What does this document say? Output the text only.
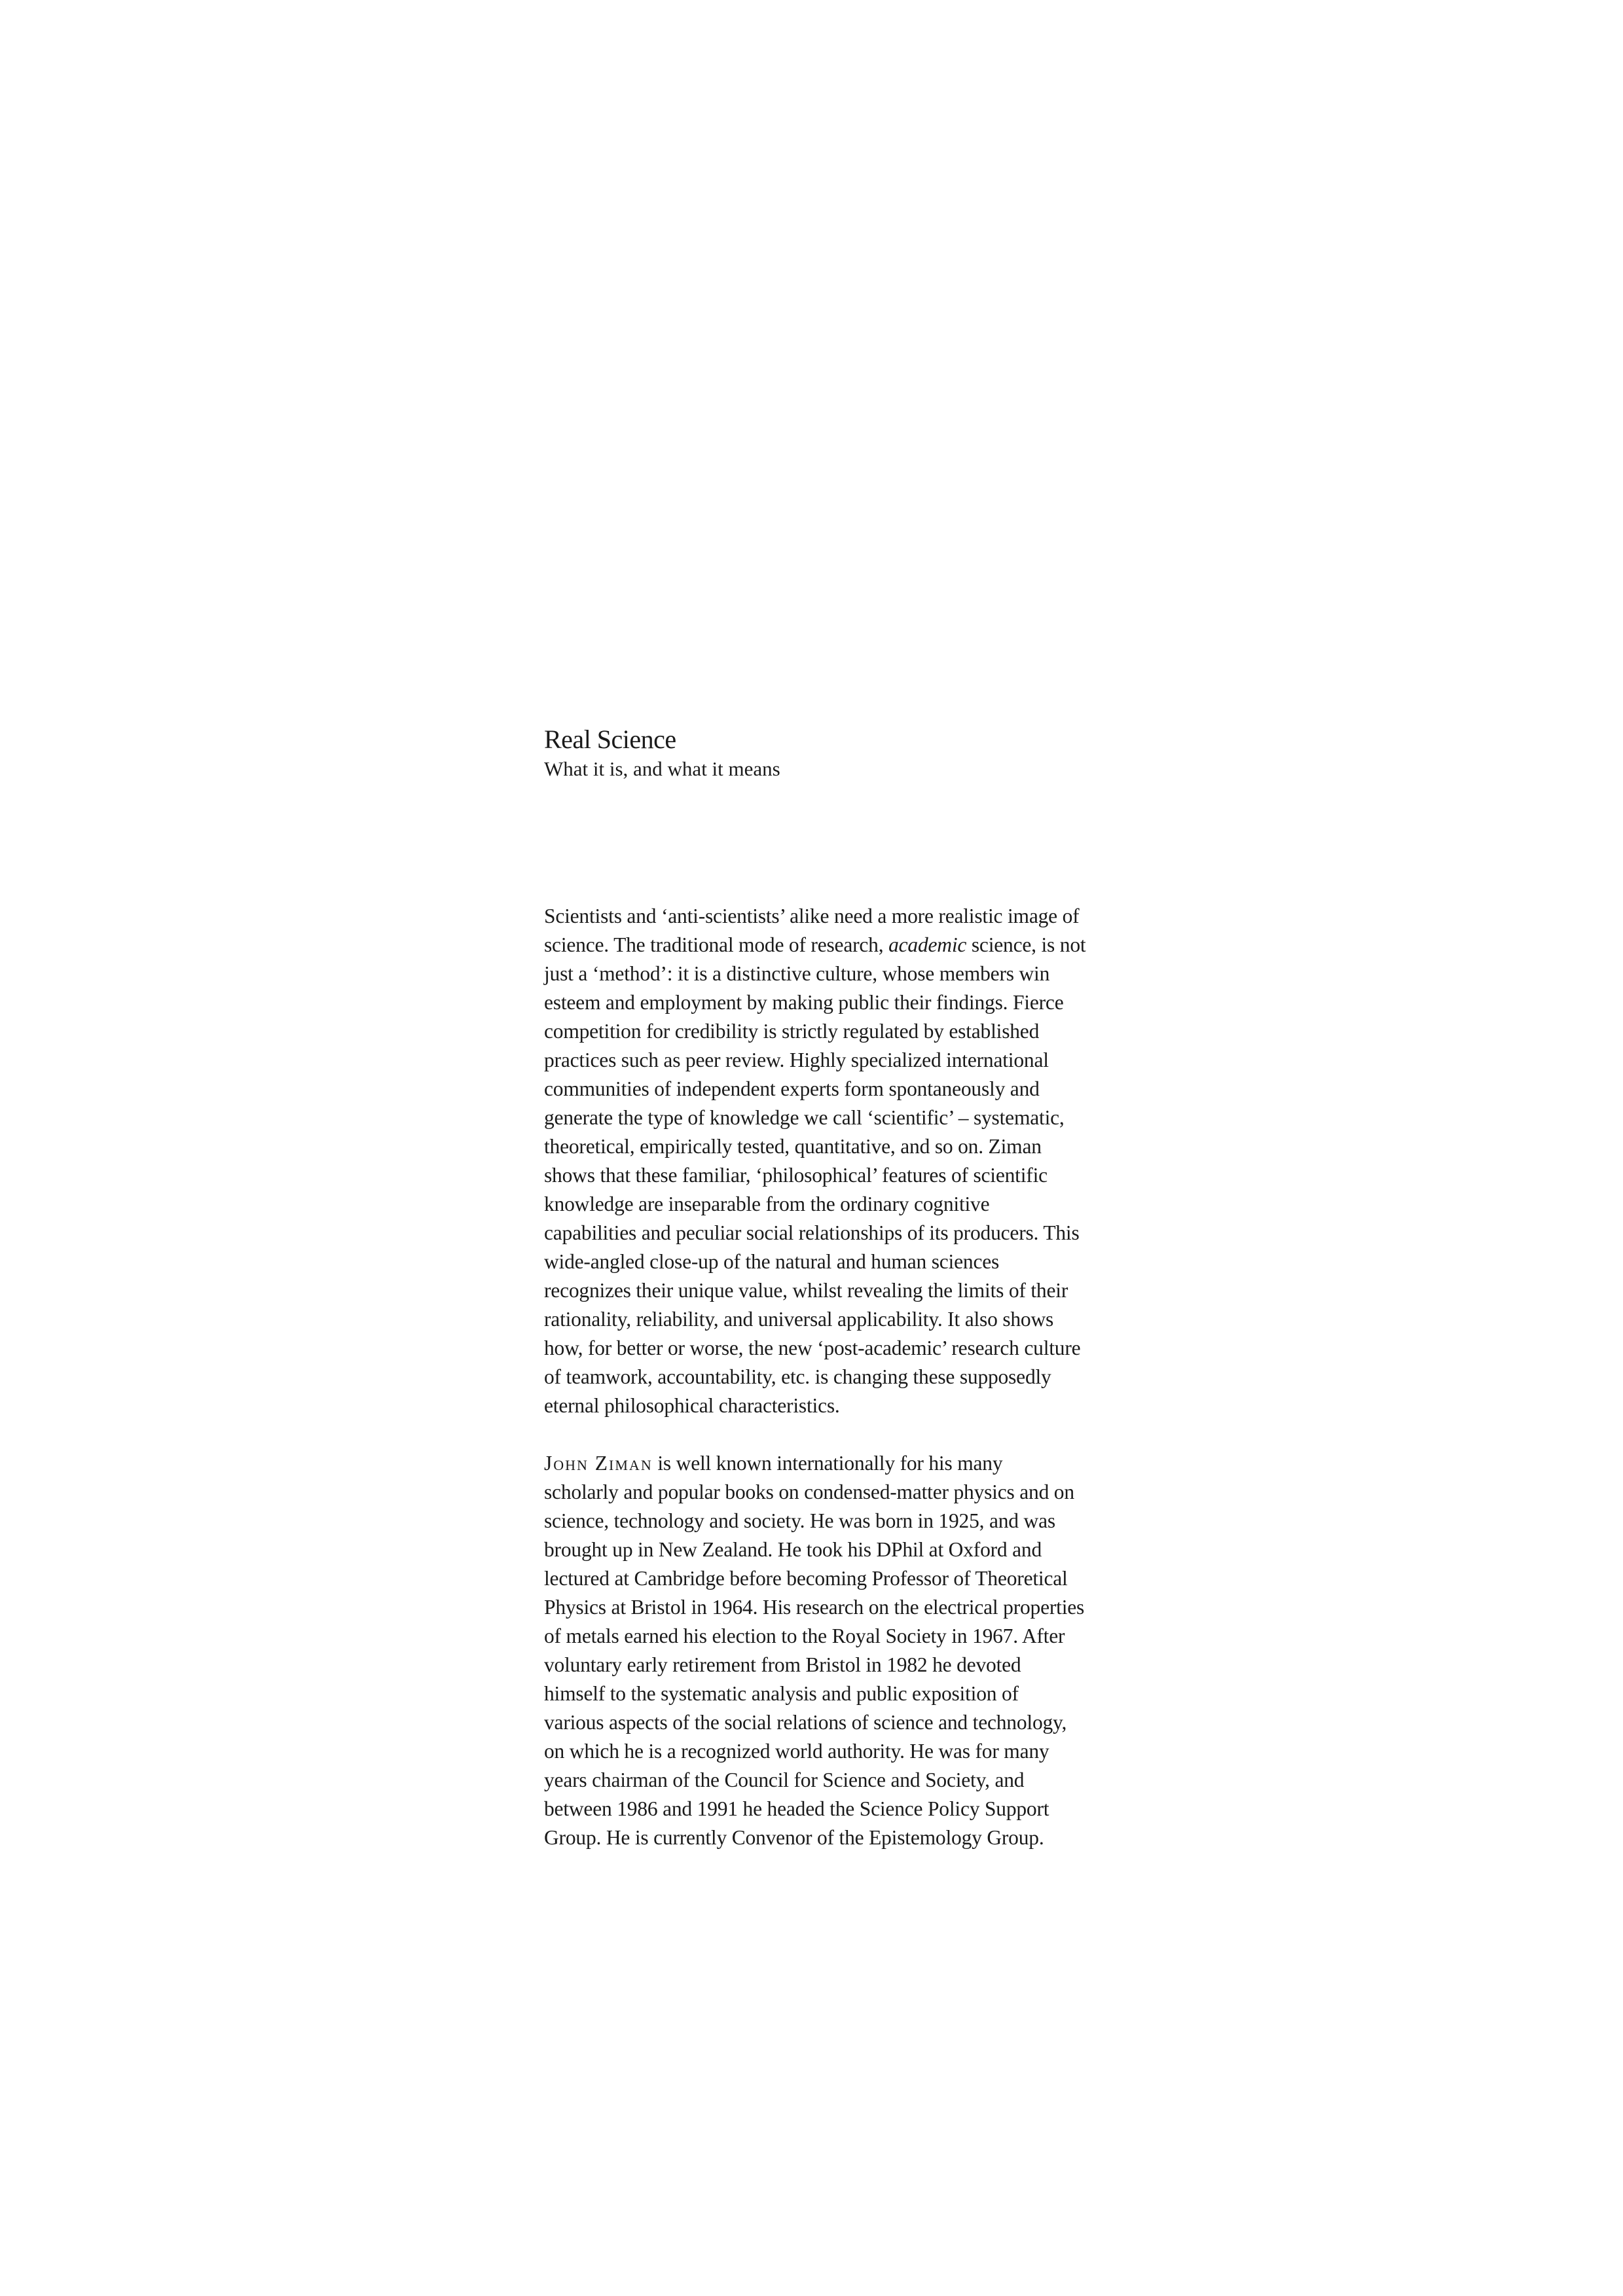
Real Science

What it is, and what it means

Scientists and ‘anti-scientists’ alike need a more realistic image of
science. The traditional mode of research, academic science, is not
just a ‘method’: it is a distinctive culture, whose members win
esteem and employment by making public their findings. Fierce
competition for credibility is strictly regulated by established
practices such as peer review. Highly specialized international
communities of independent experts form spontaneously and
generate the type of knowledge we call ‘scientific’ – systematic,
theoretical, empirically tested, quantitative, and so on. Ziman
shows that these familiar, ‘philosophical’ features of scientific
knowledge are inseparable from the ordinary cognitive
capabilities and peculiar social relationships of its producers. This
wide-angled close-up of the natural and human sciences
recognizes their unique value, whilst revealing the limits of their
rationality, reliability, and universal applicability. It also shows
how, for better or worse, the new ‘post-academic’ research culture
of teamwork, accountability, etc. is changing these supposedly
eternal philosophical characteristics.

John Ziman is well known internationally for his many
scholarly and popular books on condensed-matter physics and on
science, technology and society. He was born in 1925, and was
brought up in New Zealand. He took his DPhil at Oxford and
lectured at Cambridge before becoming Professor of Theoretical
Physics at Bristol in 1964. His research on the electrical properties
of metals earned his election to the Royal Society in 1967. After
voluntary early retirement from Bristol in 1982 he devoted
himself to the systematic analysis and public exposition of
various aspects of the social relations of science and technology,
on which he is a recognized world authority. He was for many
years chairman of the Council for Science and Society, and
between 1986 and 1991 he headed the Science Policy Support
Group. He is currently Convenor of the Epistemology Group.
